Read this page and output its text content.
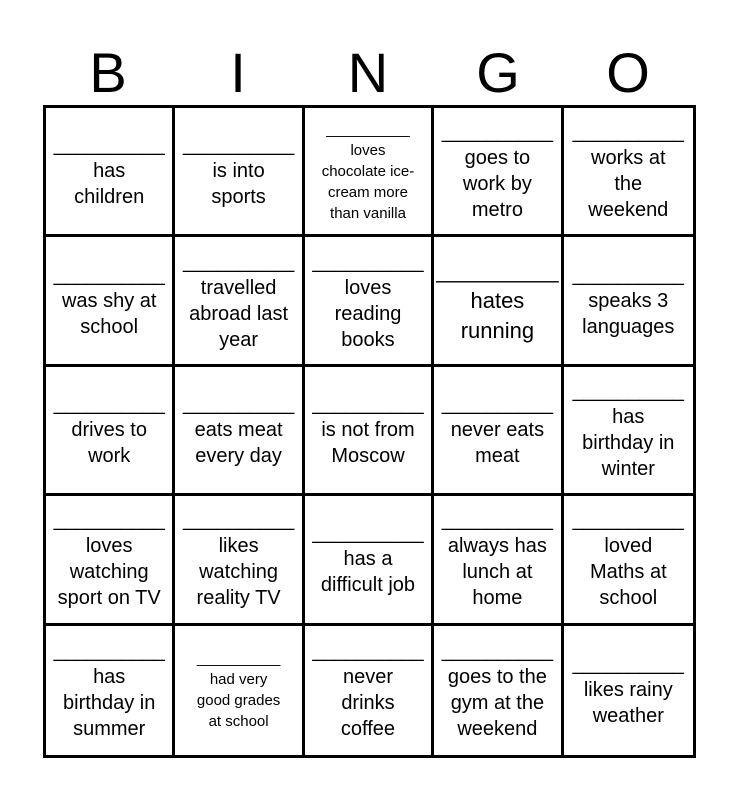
B	I	N	G	O
__________
has
children
__________
is into
sports
__________
loves
chocolate ice-
cream more
than vanilla
__________
goes to
work by
metro
__________
works at
the
weekend
__________
was shy at
school
__________
travelled
abroad last
year
__________
loves
reading
books
__________
hates
running
__________
speaks 3
languages
__________
drives to
work
__________
eats meat
every day
__________
is not from
Moscow
__________
never eats
meat
__________
has
birthday in
winter
__________
loves
watching
sport on TV
__________
likes
watching
reality TV
__________
has a
difficult job
__________
always has
lunch at
home
__________
loved
Maths at
school
__________
has
birthday in
summer
__________
had very
good grades
at school
__________
never
drinks
coffee
__________
goes to the
gym at the
weekend
__________
likes rainy
weather
